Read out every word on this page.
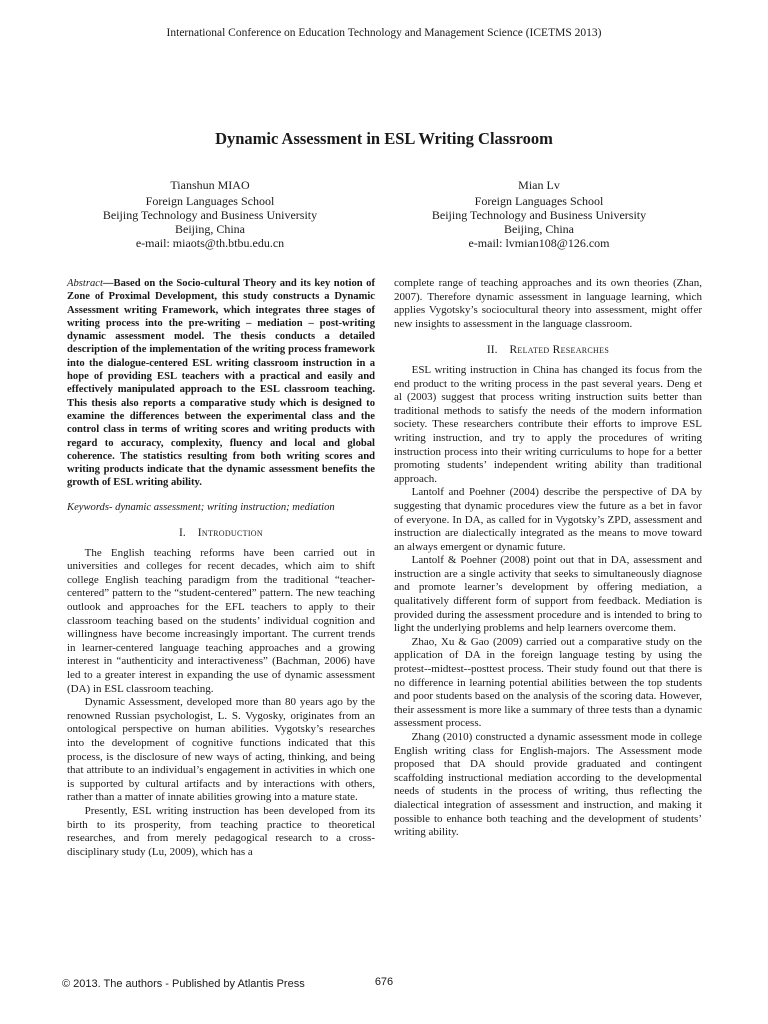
International Conference on Education Technology and Management Science (ICETMS 2013)
Dynamic Assessment in ESL Writing Classroom
Tianshun MIAO
Foreign Languages School
Beijing Technology and Business University
Beijing, China
e-mail: miaots@th.btbu.edu.cn
Mian Lv
Foreign Languages School
Beijing Technology and Business University
Beijing, China
e-mail: lvmian108@126.com
Abstract—Based on the Socio-cultural Theory and its key notion of Zone of Proximal Development, this study constructs a Dynamic Assessment writing Framework, which integrates three stages of writing process into the pre-writing – mediation – post-writing dynamic assessment model. The thesis conducts a detailed description of the implementation of the writing process framework into the dialogue-centered ESL writing classroom instruction in a hope of providing ESL teachers with a practical and easily and effectively manipulated approach to the ESL classroom teaching. This thesis also reports a comparative study which is designed to examine the differences between the experimental class and the control class in terms of writing scores and writing products with regard to accuracy, complexity, fluency and local and global coherence. The statistics resulting from both writing scores and writing products indicate that the dynamic assessment benefits the growth of ESL writing ability.
Keywords- dynamic assessment; writing instruction; mediation
I. Introduction

The English teaching reforms have been carried out in universities and colleges for recent decades, which aim to shift college English teaching paradigm from the traditional “teacher-centered” pattern to the “student-centered” pattern. The new teaching outlook and approaches for the EFL teachers to apply to their classroom teaching based on the students’ individual cognition and willingness have become increasingly important. The current trends in learner-centered language teaching approaches and a growing interest in “authenticity and interactiveness” (Bachman, 2006) have led to a greater interest in expanding the use of dynamic assessment (DA) in ESL classroom teaching.

Dynamic Assessment, developed more than 80 years ago by the renowned Russian psychologist, L. S. Vygosky, originates from an ontological perspective on human abilities. Vygotsky’s researches into the development of cognitive functions indicated that this process, is the disclosure of new ways of acting, thinking, and being that attribute to an individual’s engagement in activities in which one is supported by cultural artifacts and by interactions with others, rather than a matter of innate abilities growing into a mature state.

Presently, ESL writing instruction has been developed from its birth to its prosperity, from teaching practice to theoretical researches, and from merely pedagogical research to a cross-disciplinary study (Lu, 2009), which has a

complete range of teaching approaches and its own theories (Zhan, 2007). Therefore dynamic assessment in language learning, which applies Vygotsky’s sociocultural theory into assessment, might offer new insights to assessment in the language classroom.

II. Related Researches

ESL writing instruction in China has changed its focus from the end product to the writing process in the past several years. Deng et al (2003) suggest that process writing instruction suits better than traditional methods to satisfy the needs of the modern information society. These researchers contribute their efforts to improve ESL writing instruction, and try to apply the procedures of writing instruction process into their writing curriculums to hope for a better promoting students’ independent writing ability than traditional approach.

Lantolf and Poehner (2004) describe the perspective of DA by suggesting that dynamic procedures view the future as a bet in favor of everyone. In DA, as called for in Vygotsky’s ZPD, assessment and instruction are dialectically integrated as the means to move toward an always emergent or dynamic future.

Lantolf & Poehner (2008) point out that in DA, assessment and instruction are a single activity that seeks to simultaneously diagnose and promote learner’s development by offering mediation, a qualitatively different form of support from feedback. Mediation is provided during the assessment procedure and is intended to bring to light the underlying problems and help learners overcome them.

Zhao, Xu & Gao (2009) carried out a comparative study on the application of DA in the foreign language testing by using the protest--midtest--posttest process. Their study found out that there is no difference in learning potential abilities between the top students and poor students based on the analysis of the scoring data. However, their assessment is more like a summary of three tests than a dynamic assessment process.

Zhang (2010) constructed a dynamic assessment mode in college English writing class for English-majors. The Assessment mode proposed that DA should provide graduated and contingent scaffolding instructional mediation according to the developmental needs of students in the process of writing, thus reflecting the dialectical integration of assessment and instruction, and making it possible to enhance both teaching and the development of students’ writing ability.

© 2013. The authors - Published by Atlantis Press	676
